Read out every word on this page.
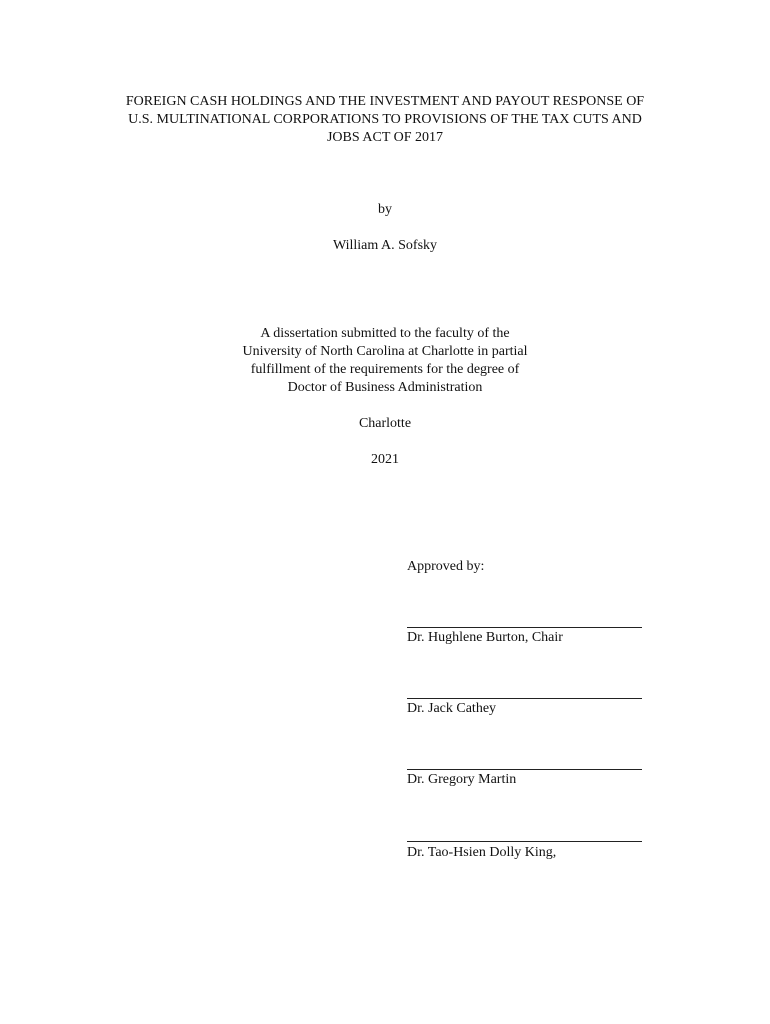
FOREIGN CASH HOLDINGS AND THE INVESTMENT AND PAYOUT RESPONSE OF
U.S. MULTINATIONAL CORPORATIONS TO PROVISIONS OF THE TAX CUTS AND
JOBS ACT OF 2017
by
William A. Sofsky
A dissertation submitted to the faculty of the
University of North Carolina at Charlotte in partial
fulfillment of the requirements for the degree of
Doctor of Business Administration
Charlotte
2021
Approved by:
Dr. Hughlene Burton, Chair
Dr. Jack Cathey
Dr. Gregory Martin
Dr. Tao-Hsien Dolly King,
